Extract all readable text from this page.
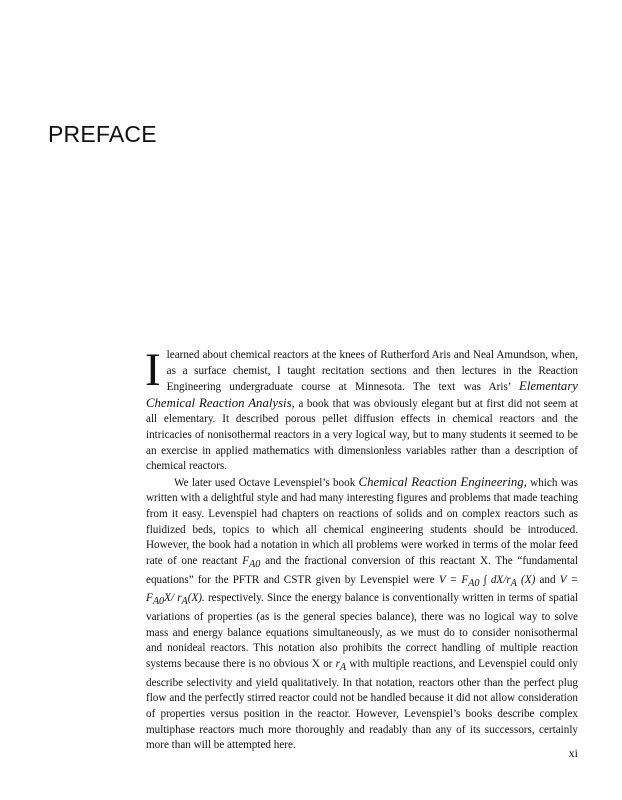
PREFACE

I learned about chemical reactors at the knees of Rutherford Aris and Neal Amundson, when, as a surface chemist, I taught recitation sections and then lectures in the Reaction Engineering undergraduate course at Minnesota. The text was Aris’ Elementary Chemical Reaction Analysis, a book that was obviously elegant but at first did not seem at all elementary. It described porous pellet diffusion effects in chemical reactors and the intricacies of nonisothermal reactors in a very logical way, but to many students it seemed to be an exercise in applied mathematics with dimensionless variables rather than a description of chemical reactors.

We later used Octave Levenspiel’s book Chemical Reaction Engineering, which was written with a delightful style and had many interesting figures and problems that made teaching from it easy. Levenspiel had chapters on reactions of solids and on complex reactors such as fluidized beds, topics to which all chemical engineering students should be introduced. However, the book had a notation in which all problems were worked in terms of the molar feed rate of one reactant $F_{A0}$ and the fractional conversion of this reactant X. The “fundamental equations” for the PFTR and CSTR given by Levenspiel were $V = F_{A0}$ ∫ $dX/r_A$ (X) and $V = F_{A0}X/$ $r_A(X)$. respectively. Since the energy balance is conventionally written in terms of spatial variations of properties (as is the general species balance), there was no logical way to solve mass and energy balance equations simultaneously, as we must do to consider nonisothermal and nonideal reactors. This notation also prohibits the correct handling of multiple reaction systems because there is no obvious X or $r_A$ with multiple reactions, and Levenspiel could only describe selectivity and yield qualitatively. In that notation, reactors other than the perfect plug flow and the perfectly stirred reactor could not be handled because it did not allow consideration of properties versus position in the reactor. However, Levenspiel’s books describe complex multiphase reactors much more thoroughly and readably than any of its successors, certainly more than will be attempted here.

xi
